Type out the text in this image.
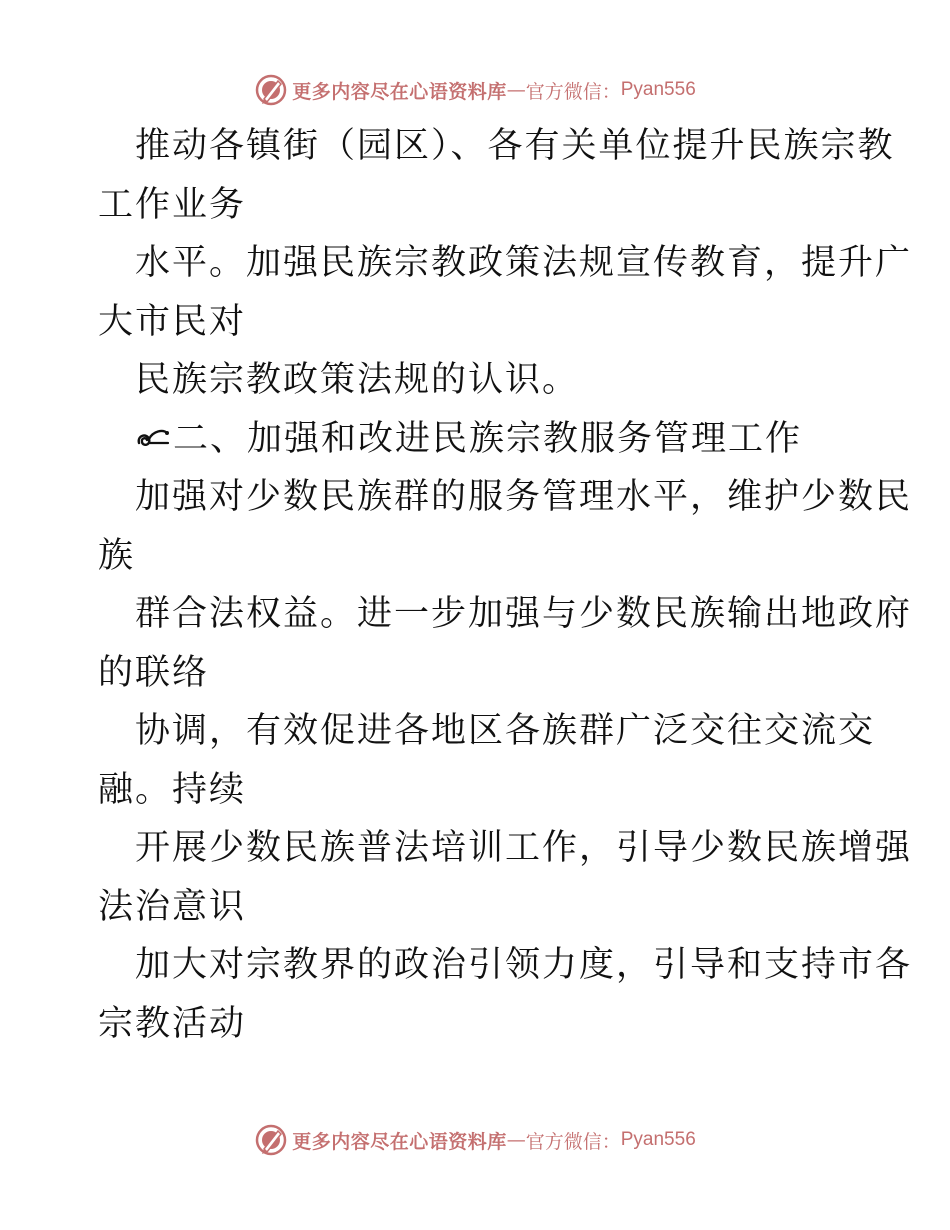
更多内容尽在心语资料库 — 官方微信： Pyan556
推动各镇街（园区）、各有关单位提升民族宗教
工作业务
水平。加强民族宗教政策法规宣传教育，提升广
大市民对
民族宗教政策法规的认识。
二、加强和改进民族宗教服务管理工作
加强对少数民族群的服务管理水平，维护少数民
族
群合法权益。进一步加强与少数民族输出地政府
的联络
协调，有效促进各地区各族群广泛交往交流交
融。持续
开展少数民族普法培训工作，引导少数民族增强
法治意识
加大对宗教界的政治引领力度，引导和支持市各
宗教活动
更多内容尽在心语资料库 — 官方微信： Pyan556
